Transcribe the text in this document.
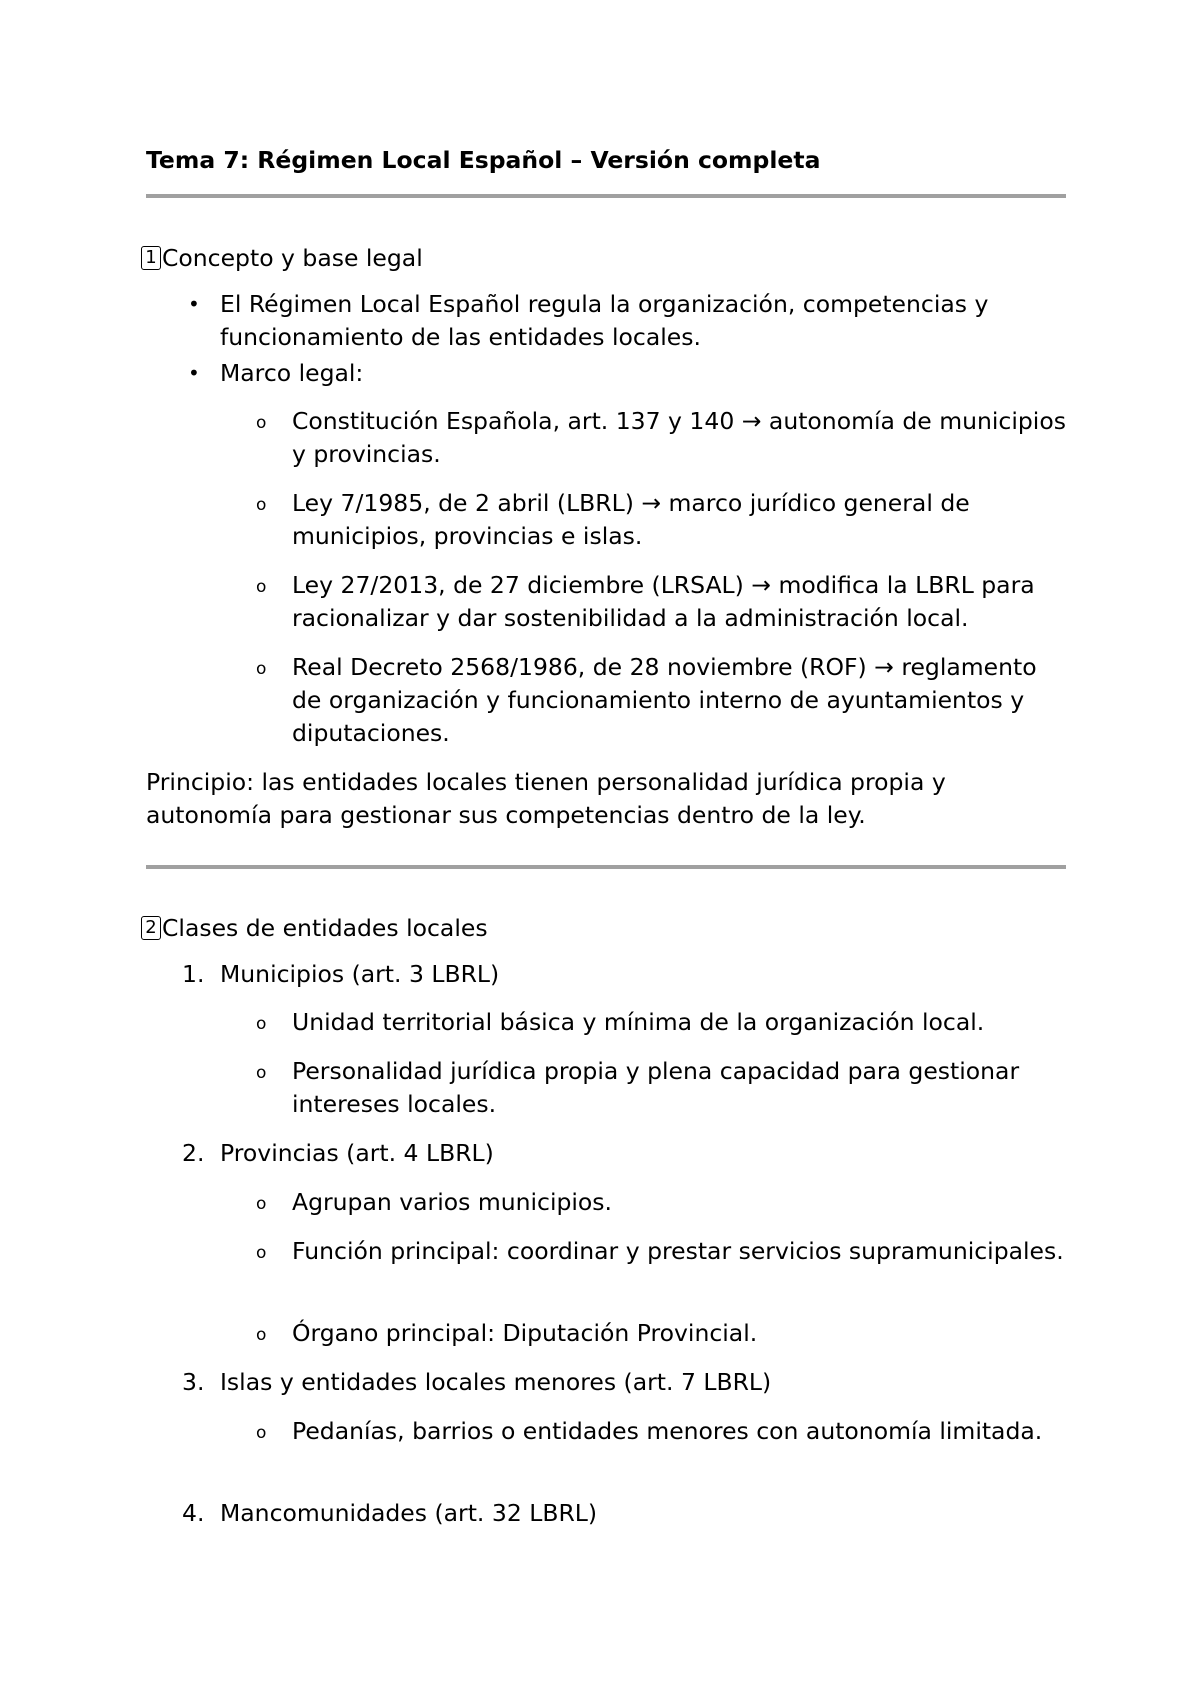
Tema 7: Régimen Local Español – Versión completa
1 Concepto y base legal
• El Régimen Local Español regula la organización, competencias y funcionamiento de las entidades locales.
• Marco legal:
o Constitución Española, art. 137 y 140 → autonomía de municipios y provincias.
o Ley 7/1985, de 2 abril (LBRL) → marco jurídico general de municipios, provincias e islas.
o Ley 27/2013, de 27 diciembre (LRSAL) → modifica la LBRL para racionalizar y dar sostenibilidad a la administración local.
o Real Decreto 2568/1986, de 28 noviembre (ROF) → reglamento de organización y funcionamiento interno de ayuntamientos y diputaciones.

Principio: las entidades locales tienen personalidad jurídica propia y autonomía para gestionar sus competencias dentro de la ley.

2 Clases de entidades locales
1. Municipios (art. 3 LBRL)
o Unidad territorial básica y mínima de la organización local.
o Personalidad jurídica propia y plena capacidad para gestionar intereses locales.
2. Provincias (art. 4 LBRL)
o Agrupan varios municipios.
o Función principal: coordinar y prestar servicios supramunicipales.
o Órgano principal: Diputación Provincial.
3. Islas y entidades locales menores (art. 7 LBRL)
o Pedanías, barrios o entidades menores con autonomía limitada.
4. Mancomunidades (art. 32 LBRL)
